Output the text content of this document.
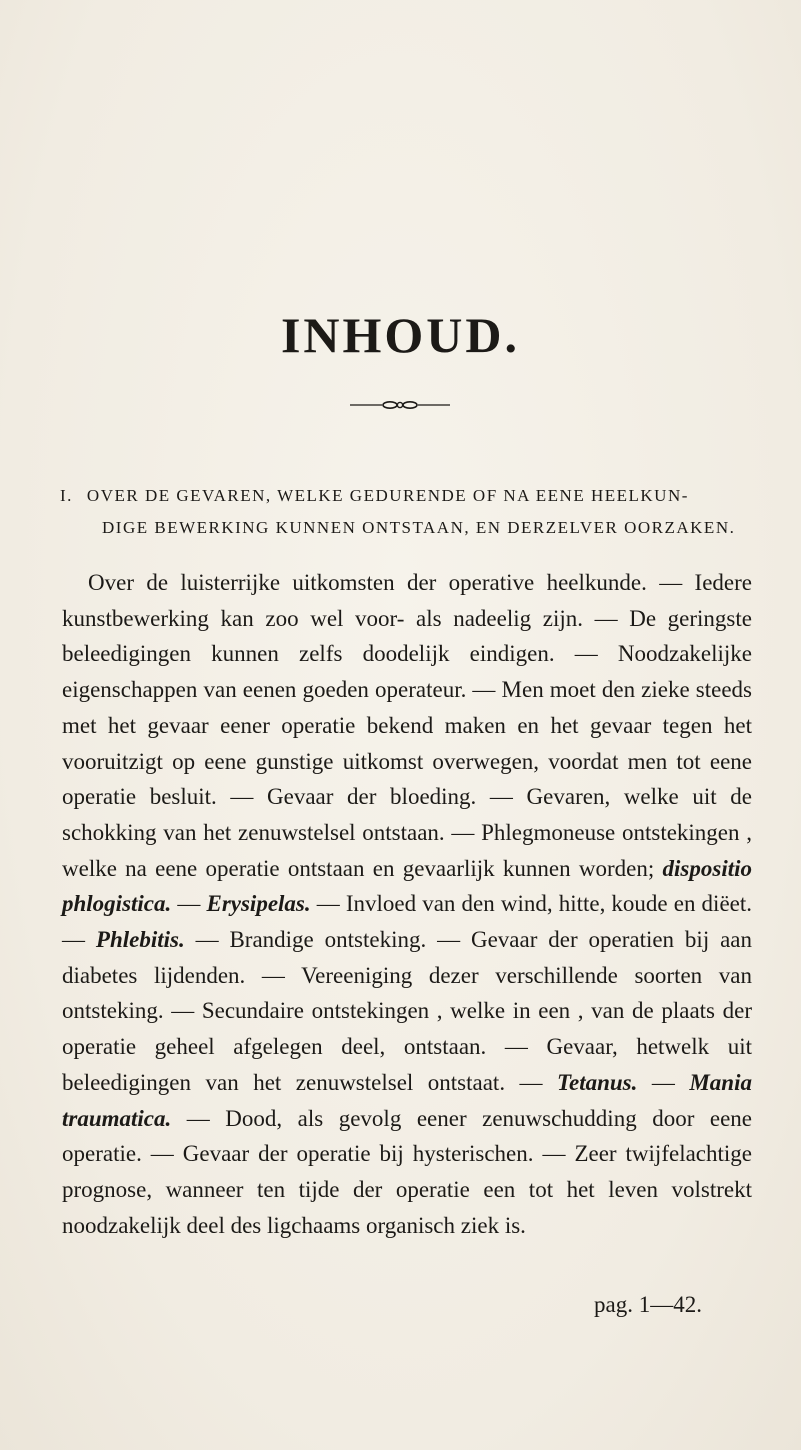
INHOUD.
I. OVER DE GEVAREN, WELKE GEDURENDE OF NA EENE HEELKUN-
DIGE BEWERKING KUNNEN ONTSTAAN, EN DERZELVER OORZAKEN.

Over de luisterrijke uitkomsten der operative heelkunde. — Iedere kunstbewerking kan zoo wel voor- als nadeelig zijn. — De geringste beleedigingen kunnen zelfs doodelijk eindigen. — Noodzakelijke eigenschappen van eenen goeden operateur. — Men moet den zieke steeds met het gevaar eener operatie bekend maken en het gevaar tegen het vooruitzigt op eene gunstige uitkomst overwegen, voordat men tot eene operatie besluit. — Gevaar der bloeding. — Gevaren, welke uit de schokking van het zenuwstelsel ontstaan. — Phlegmoneuse ontstekingen , welke na eene operatie ontstaan en gevaarlijk kunnen worden; dispositio phlogistica. — Erysipelas. — Invloed van den wind, hitte, koude en diëet. — Phlebitis. — Brandige ontsteking. — Gevaar der operatien bij aan diabetes lijdenden. — Vereeniging dezer verschillende soorten van ontsteking. — Secundaire ontstekingen , welke in een , van de plaats der operatie geheel afgelegen deel, ontstaan. — Gevaar, hetwelk uit beleedigingen van het zenuwstelsel ontstaat. — Tetanus. — Mania traumatica. — Dood, als gevolg eener zenuwschudding door eene operatie. — Gevaar der operatie bij hysterischen. — Zeer twijfelachtige prognose, wanneer ten tijde der operatie een tot het leven volstrekt noodzakelijk deel des ligchaams organisch ziek is.

pag. 1—42.
